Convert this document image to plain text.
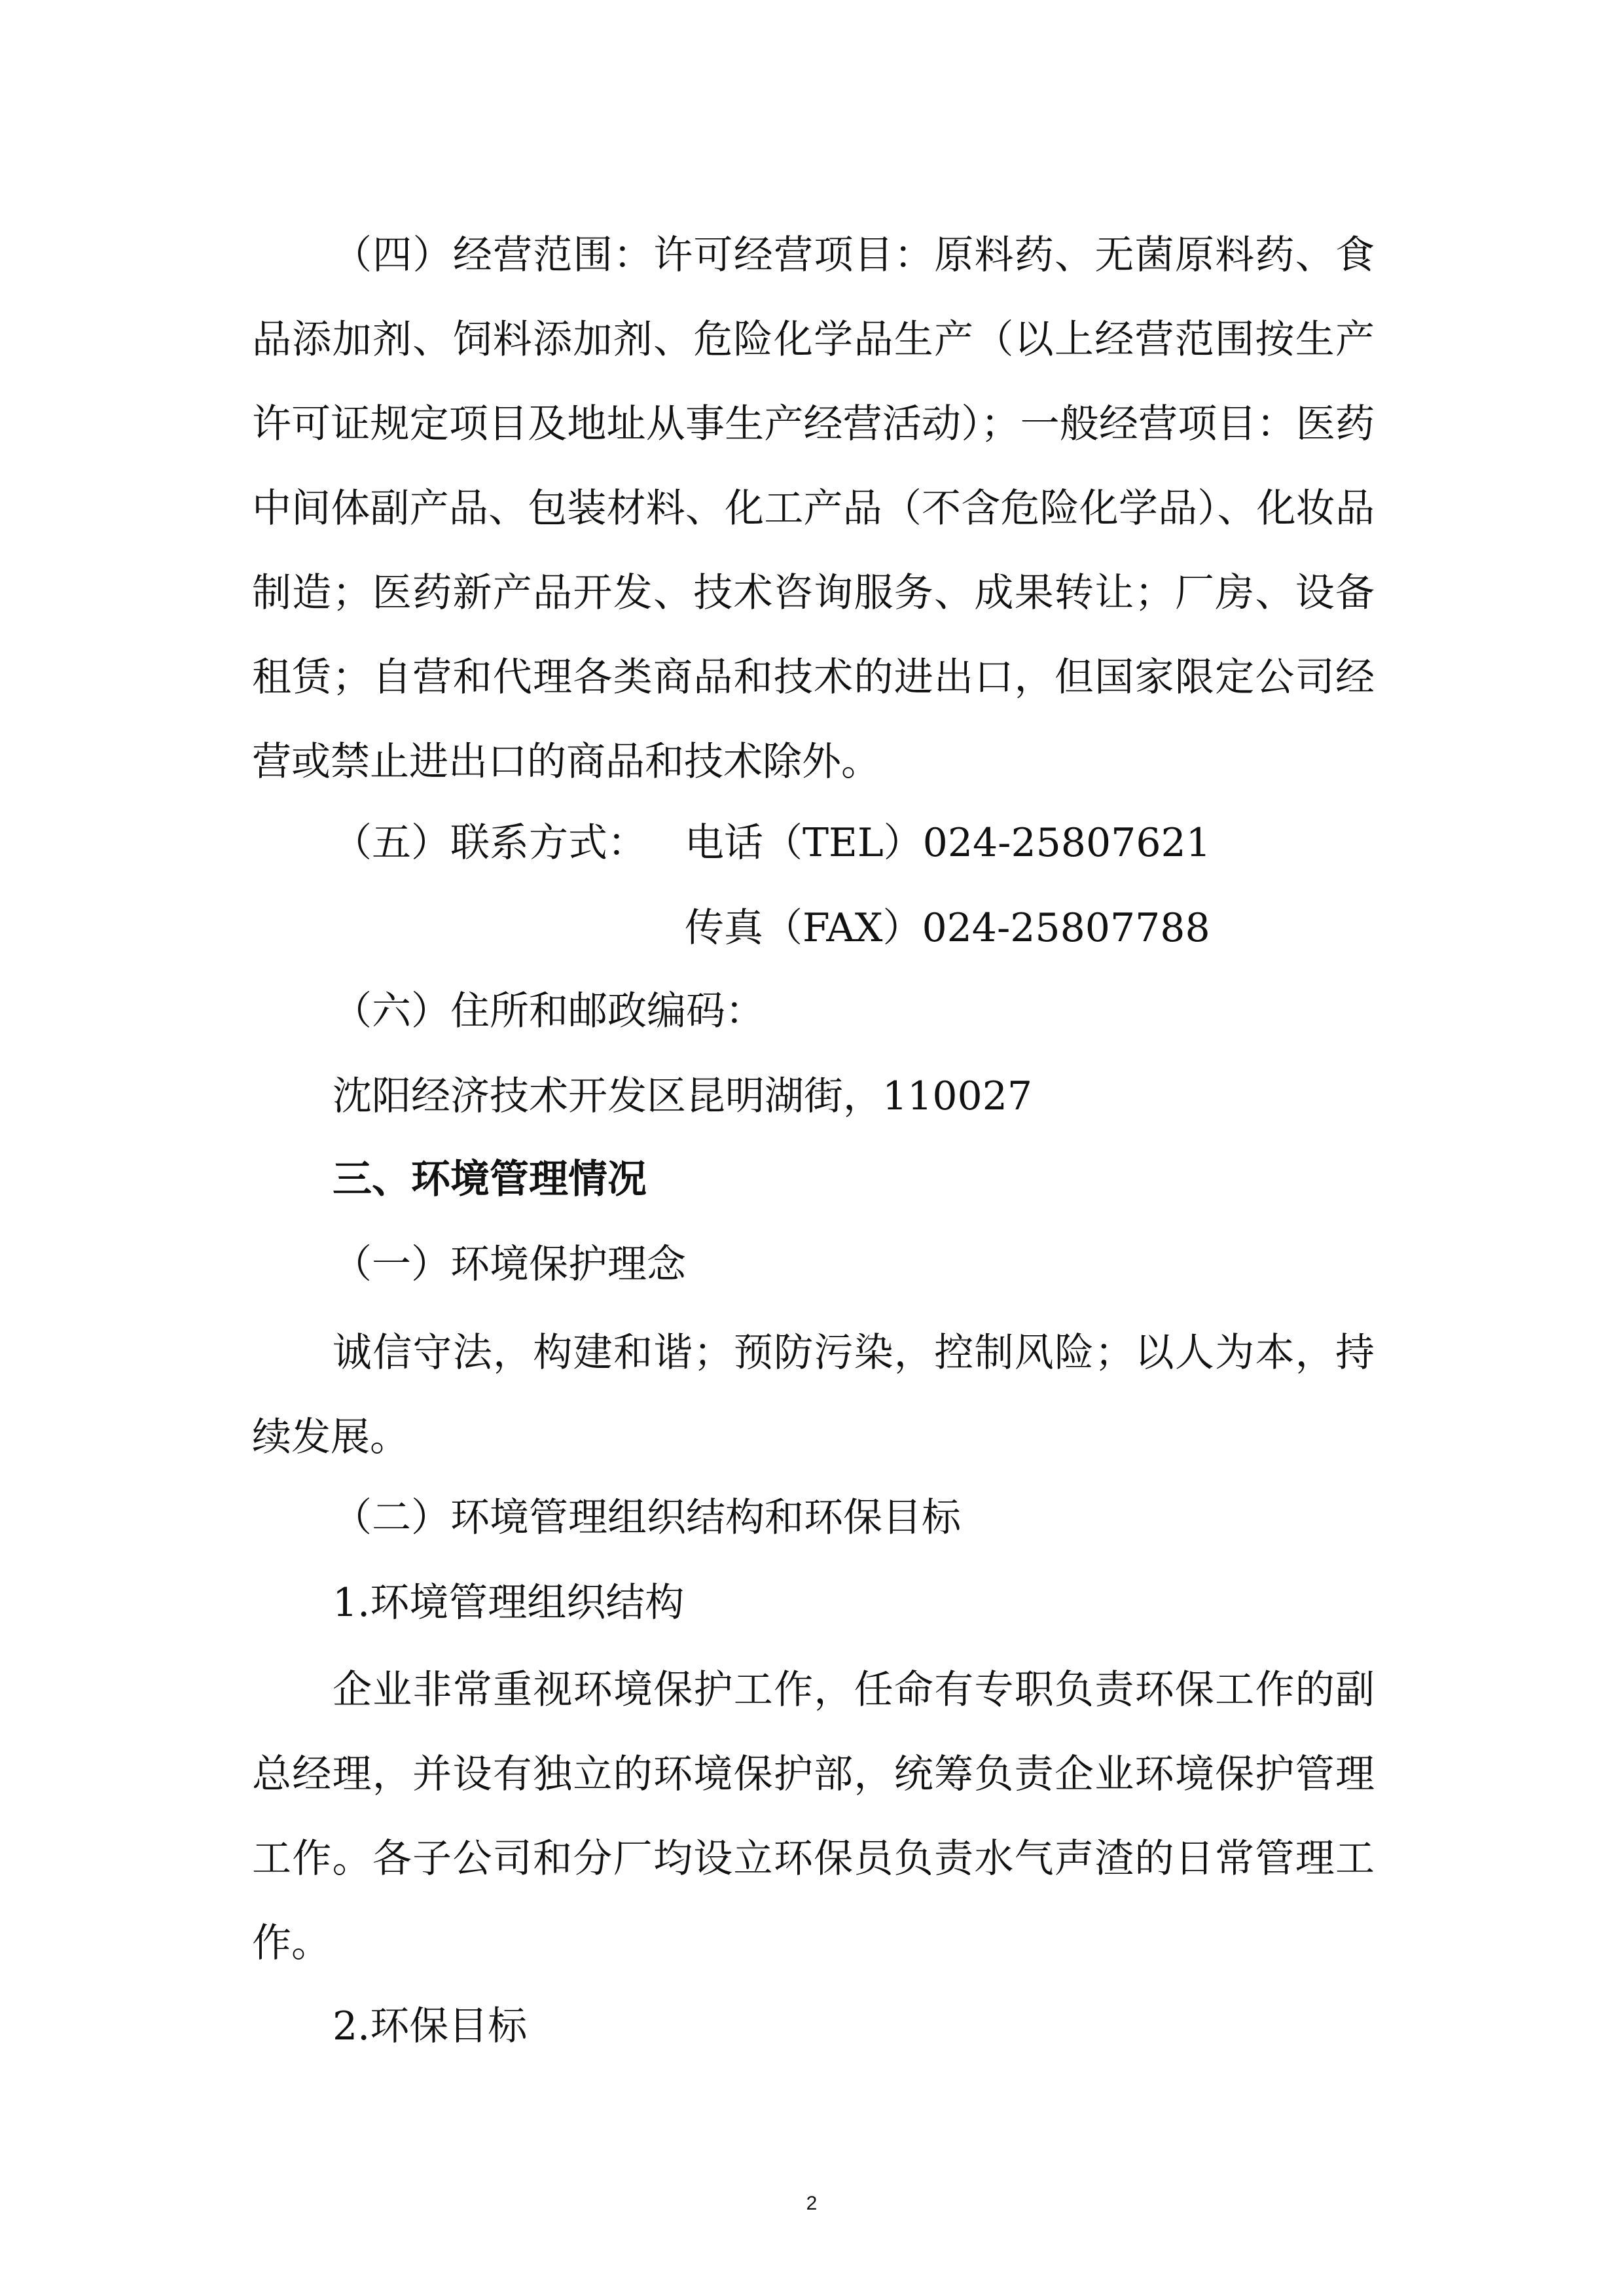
（四）经营范围：许可经营项目：原料药、无菌原料药、食品添加剂、饲料添加剂、危险化学品生产（以上经营范围按生产许可证规定项目及地址从事生产经营活动）；一般经营项目：医药中间体副产品、包装材料、化工产品（不含危险化学品）、化妆品制造；医药新产品开发、技术咨询服务、成果转让；厂房、设备租赁；自营和代理各类商品和技术的进出口，但国家限定公司经营或禁止进出口的商品和技术除外。

（五）联系方式： 电话（TEL）024-25807621
传真（FAX）024-25807788
（六）住所和邮政编码：
沈阳经济技术开发区昆明湖街，110027
三、环境管理情况
（一）环境保护理念

诚信守法，构建和谐；预防污染，控制风险；以人为本，持续发展。

（二）环境管理组织结构和环保目标
1.环境管理组织结构

企业非常重视环境保护工作，任命有专职负责环保工作的副总经理，并设有独立的环境保护部，统筹负责企业环境保护管理工作。各子公司和分厂均设立环保员负责水气声渣的日常管理工作。

2.环保目标
2
